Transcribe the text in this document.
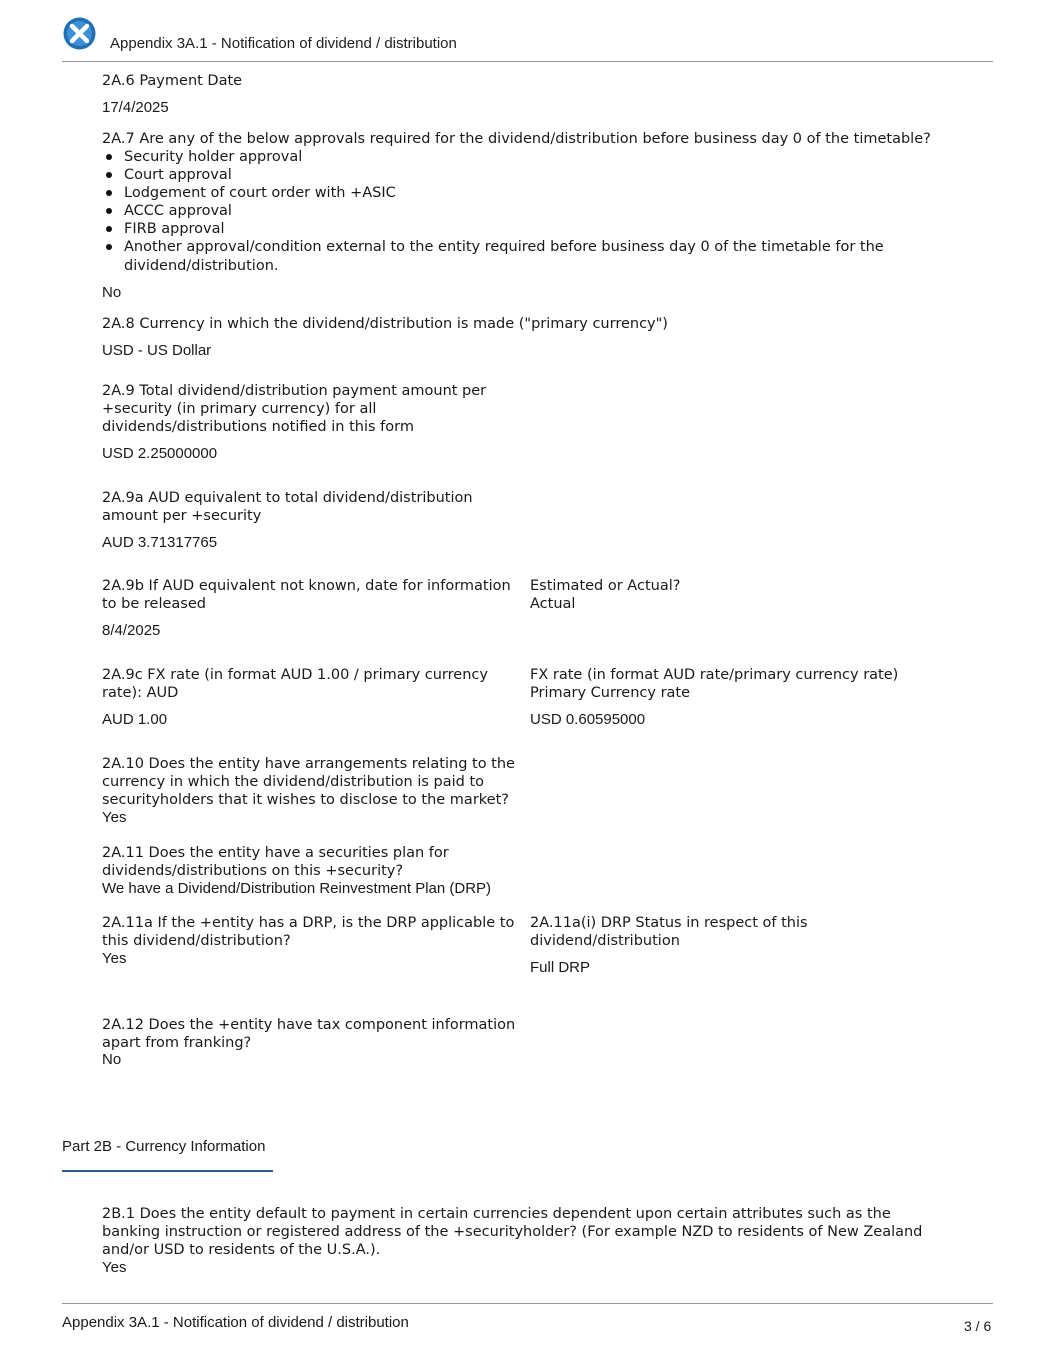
Appendix 3A.1 - Notification of dividend / distribution
2A.6 Payment Date
17/4/2025
2A.7 Are any of the below approvals required for the dividend/distribution before business day 0 of the timetable?
Security holder approval
Court approval
Lodgement of court order with +ASIC
ACCC approval
FIRB approval
Another approval/condition external to the entity required before business day 0 of the timetable for the
dividend/distribution.
No
2A.8 Currency in which the dividend/distribution is made ("primary currency")
USD - US Dollar
2A.9 Total dividend/distribution payment amount per
+security (in primary currency) for all
dividends/distributions notified in this form
USD 2.25000000
2A.9a AUD equivalent to total dividend/distribution
amount per +security
AUD 3.71317765
2A.9b If AUD equivalent not known, date for information
to be released
8/4/2025
Estimated or Actual?
Actual
2A.9c FX rate (in format AUD 1.00 / primary currency
rate): AUD
AUD 1.00
FX rate (in format AUD rate/primary currency rate)
Primary Currency rate
USD 0.60595000
2A.10 Does the entity have arrangements relating to the
currency in which the dividend/distribution is paid to
securityholders that it wishes to disclose to the market?
Yes
2A.11 Does the entity have a securities plan for
dividends/distributions on this +security?
We have a Dividend/Distribution Reinvestment Plan (DRP)
2A.11a If the +entity has a DRP, is the DRP applicable to
this dividend/distribution?
Yes
2A.11a(i) DRP Status in respect of this
dividend/distribution
Full DRP
2A.12 Does the +entity have tax component information
apart from franking?
No
Part 2B - Currency Information
2B.1 Does the entity default to payment in certain currencies dependent upon certain attributes such as the
banking instruction or registered address of the +securityholder? (For example NZD to residents of New Zealand
and/or USD to residents of the U.S.A.).
Yes
Appendix 3A.1 - Notification of dividend / distribution	3 / 6
